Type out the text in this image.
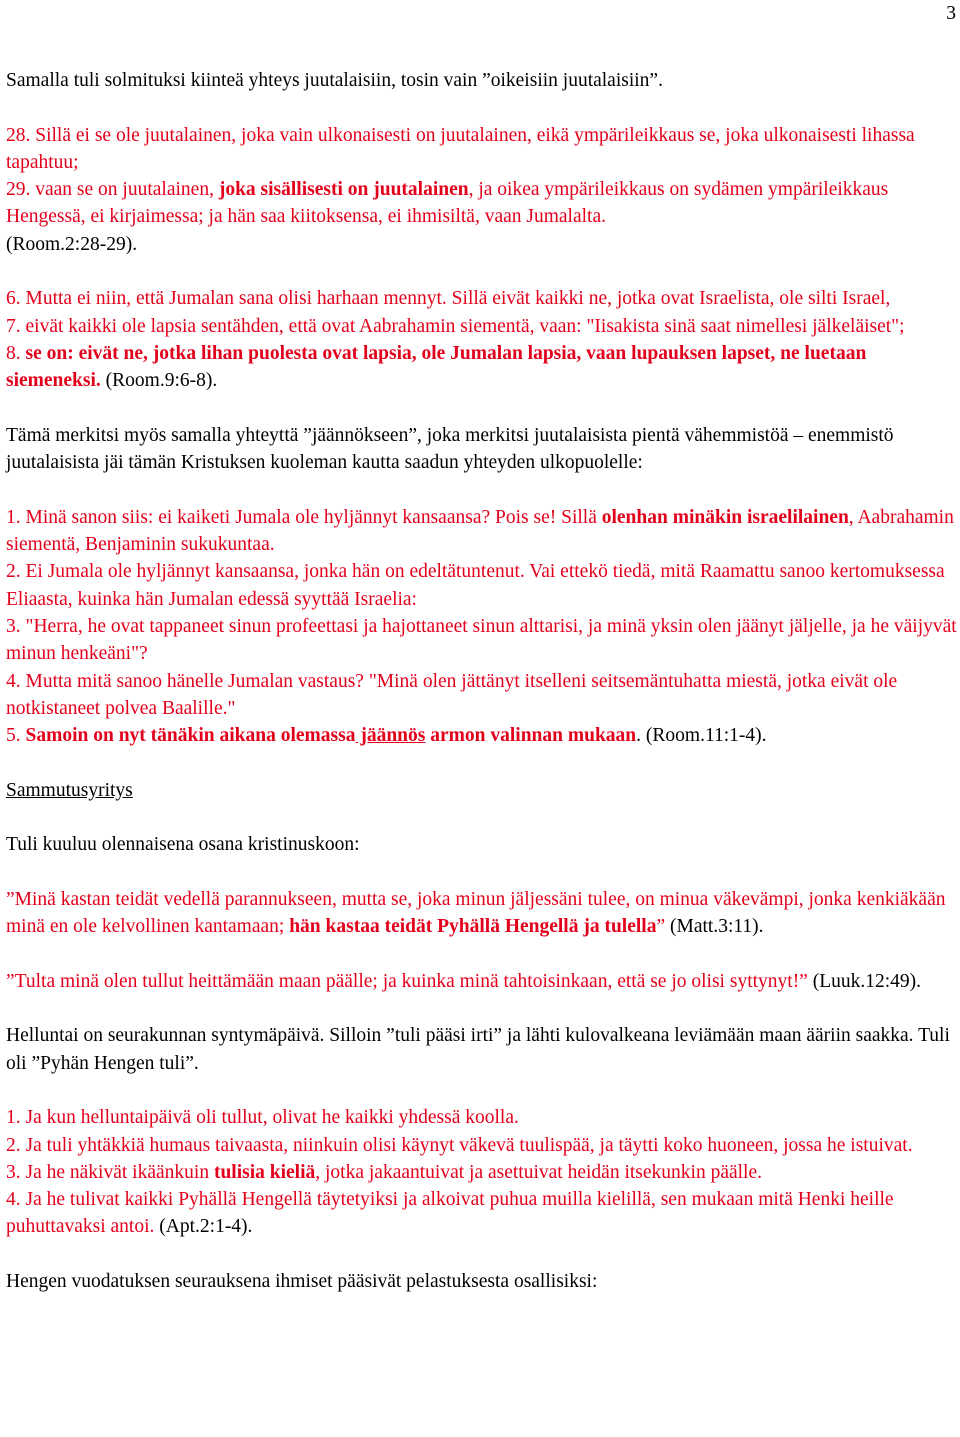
3

Samalla tuli solmituksi kiinteä yhteys juutalaisiin, tosin vain ”oikeisiin juutalaisiin”.

28. Sillä ei se ole juutalainen, joka vain ulkonaisesti on juutalainen, eikä ympärileikkaus se, joka ulkonaisesti lihassa tapahtuu;

29. vaan se on juutalainen, joka sisällisesti on juutalainen, ja oikea ympärileikkaus on sydämen ympärileikkaus Hengessä, ei kirjaimessa; ja hän saa kiitoksensa, ei ihmisiltä, vaan Jumalalta.

(Room.2:28-29).

6. Mutta ei niin, että Jumalan sana olisi harhaan mennyt. Sillä eivät kaikki ne, jotka ovat Israelista, ole silti Israel,

7. eivät kaikki ole lapsia sentähden, että ovat Aabrahamin siementä, vaan: "Iisakista sinä saat nimellesi jälkeläiset";

8. se on: eivät ne, jotka lihan puolesta ovat lapsia, ole Jumalan lapsia, vaan lupauksen lapset, ne luetaan siemeneksi. (Room.9:6-8).

Tämä merkitsi myös samalla yhteyttä ”jäännökseen”, joka merkitsi juutalaisista pientä vähemmistöä – enemmistö juutalaisista jäi tämän Kristuksen kuoleman kautta saadun yhteyden ulkopuolelle:

1. Minä sanon siis: ei kaiketi Jumala ole hyljännyt kansaansa? Pois se! Sillä olenhan minäkin israelilainen, Aabrahamin siementä, Benjaminin sukukuntaa.

2. Ei Jumala ole hyljännyt kansaansa, jonka hän on edeltätuntenut. Vai ettekö tiedä, mitä Raamattu sanoo kertomuksessa Eliaasta, kuinka hän Jumalan edessä syyttää Israelia:

3. "Herra, he ovat tappaneet sinun profeettasi ja hajottaneet sinun alttarisi, ja minä yksin olen jäänyt jäljelle, ja he väijyvät minun henkeäni"?

4. Mutta mitä sanoo hänelle Jumalan vastaus? "Minä olen jättänyt itselleni seitsemäntuhatta miestä, jotka eivät ole notkistaneet polvea Baalille."

5. Samoin on nyt tänäkin aikana olemassa jäännös armon valinnan mukaan. (Room.11:1-4).

Sammutusyritys

Tuli kuuluu olennaisena osana kristinuskoon:

”Minä kastan teidät vedellä parannukseen, mutta se, joka minun jäljessäni tulee, on minua väkevämpi, jonka kenkiäkään minä en ole kelvollinen kantamaan; hän kastaa teidät Pyhällä Hengellä ja tulella” (Matt.3:11).

”Tulta minä olen tullut heittämään maan päälle; ja kuinka minä tahtoisinkaan, että se jo olisi syttynyt!” (Luuk.12:49).

Helluntai on seurakunnan syntymäpäivä. Silloin ”tuli pääsi irti” ja lähti kulovalkeana leviämään maan ääriin saakka. Tuli oli ”Pyhän Hengen tuli”.

1. Ja kun helluntaipäivä oli tullut, olivat he kaikki yhdessä koolla.

2. Ja tuli yhtäkkiä humaus taivaasta, niinkuin olisi käynyt väkevä tuulispää, ja täytti koko huoneen, jossa he istuivat.

3. Ja he näkivät ikäänkuin tulisia kieliä, jotka jakaantuivat ja asettuivat heidän itsekunkin päälle.

4. Ja he tulivat kaikki Pyhällä Hengellä täytetyiksi ja alkoivat puhua muilla kielillä, sen mukaan mitä Henki heille puhuttavaksi antoi. (Apt.2:1-4).

Hengen vuodatuksen seurauksena ihmiset pääsivät pelastuksesta osallisiksi:
